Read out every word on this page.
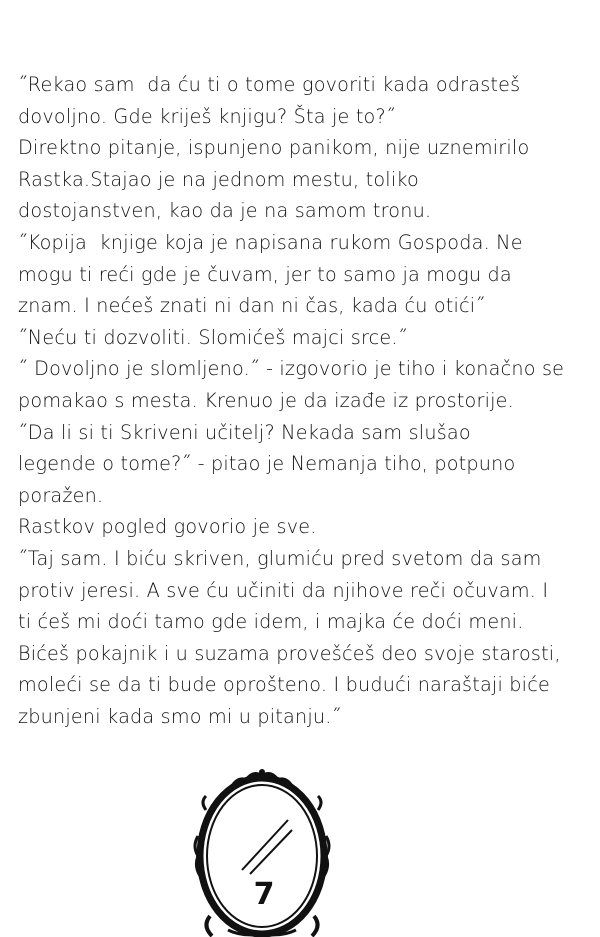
˝Rekao sam  da ću ti o tome govoriti kada odrasteš
dovoljno. Gde kriješ knjigu? Šta je to?˝
Direktno pitanje, ispunjeno panikom, nije uznemirilo
Rastka.Stajao je na jednom mestu, toliko
dostojanstven, kao da je na samom tronu.
˝Kopija  knjige koja je napisana rukom Gospoda. Ne
mogu ti reći gde je čuvam, jer to samo ja mogu da
znam. I nećeš znati ni dan ni čas, kada ću otići˝
˝Neću ti dozvoliti. Slomićeš majci srce.˝
˝ Dovoljno je slomljeno.˝ - izgovorio je tiho i konačno se
pomakao s mesta. Krenuo je da izađe iz prostorije.
˝Da li si ti Skriveni učitelj? Nekada sam slušao
legende o tome?˝ - pitao je Nemanja tiho, potpuno
poražen.
Rastkov pogled govorio je sve.
˝Taj sam. I biću skriven, glumiću pred svetom da sam
protiv jeresi. A sve ću učiniti da njihove reči očuvam. I
ti ćeš mi doći tamo gde idem, i majka će doći meni.
Bićeš pokajnik i u suzama provešćeš deo svoje starosti,
moleći se da ti bude oprošteno. I budući naraštaji biće
zbunjeni kada smo mi u pitanju.˝
7
